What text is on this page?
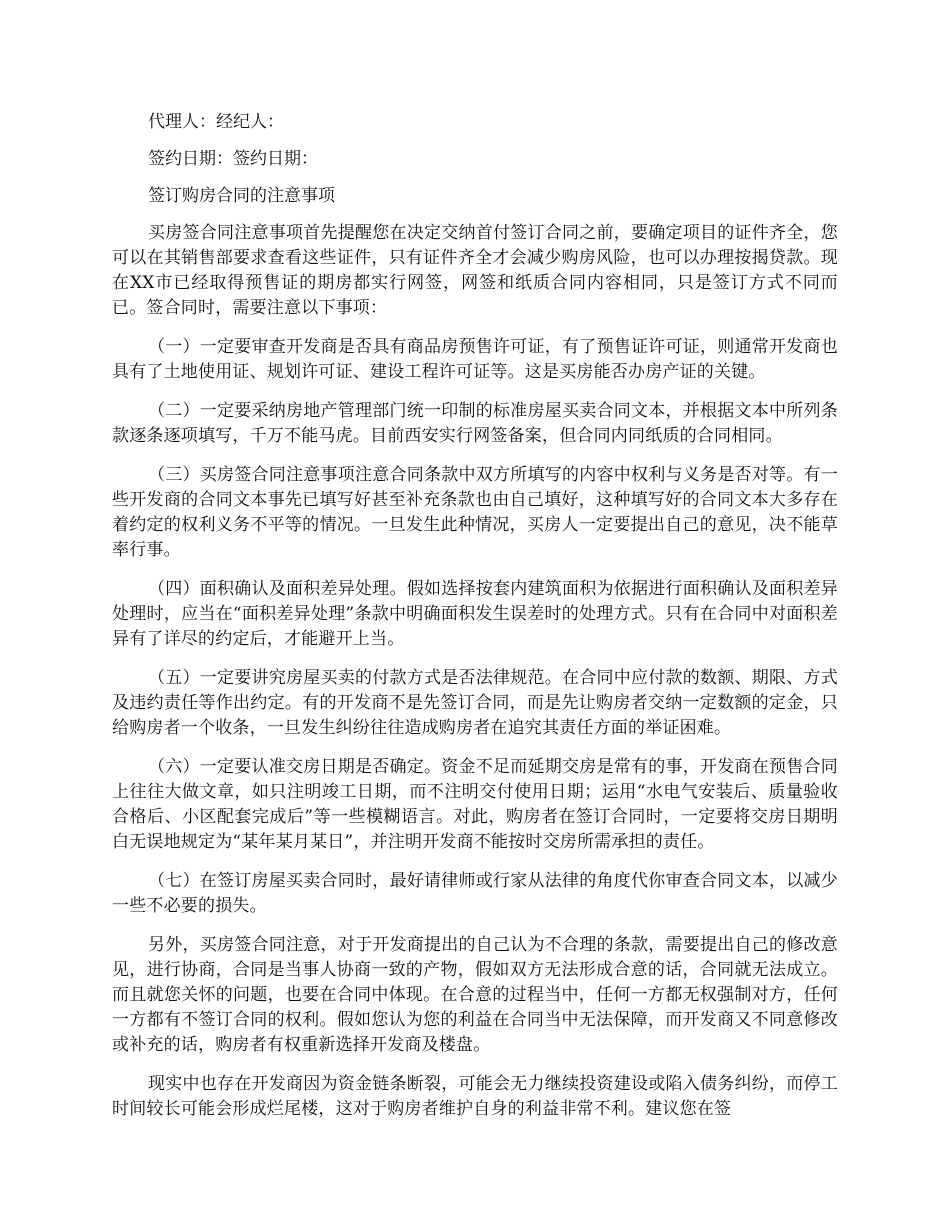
代理人：经纪人：

签约日期：签约日期：

签订购房合同的注意事项

买房签合同注意事项首先提醒您在决定交纳首付签订合同之前，要确定项目的证件齐全，您可以在其销售部要求查看这些证件，只有证件齐全才会减少购房风险，也可以办理按揭贷款。现在XX市已经取得预售证的期房都实行网签，网签和纸质合同内容相同，只是签订方式不同而已。签合同时，需要注意以下事项：

（一）一定要审查开发商是否具有商品房预售许可证，有了预售证许可证，则通常开发商也具有了土地使用证、规划许可证、建设工程许可证等。这是买房能否办房产证的关键。

（二）一定要采纳房地产管理部门统一印制的标准房屋买卖合同文本，并根据文本中所列条款逐条逐项填写，千万不能马虎。目前西安实行网签备案，但合同内同纸质的合同相同。

（三）买房签合同注意事项注意合同条款中双方所填写的内容中权利与义务是否对等。有一些开发商的合同文本事先已填写好甚至补充条款也由自己填好，这种填写好的合同文本大多存在着约定的权利义务不平等的情况。一旦发生此种情况，买房人一定要提出自己的意见，决不能草率行事。

（四）面积确认及面积差异处理。假如选择按套内建筑面积为依据进行面积确认及面积差异处理时，应当在“面积差异处理”条款中明确面积发生误差时的处理方式。只有在合同中对面积差异有了详尽的约定后，才能避开上当。

（五）一定要讲究房屋买卖的付款方式是否法律规范。在合同中应付款的数额、期限、方式及违约责任等作出约定。有的开发商不是先签订合同，而是先让购房者交纳一定数额的定金，只给购房者一个收条，一旦发生纠纷往往造成购房者在追究其责任方面的举证困难。

（六）一定要认准交房日期是否确定。资金不足而延期交房是常有的事，开发商在预售合同上往往大做文章，如只注明竣工日期，而不注明交付使用日期；运用“水电气安装后、质量验收合格后、小区配套完成后”等一些模糊语言。对此，购房者在签订合同时，一定要将交房日期明白无误地规定为“某年某月某日”，并注明开发商不能按时交房所需承担的责任。

（七）在签订房屋买卖合同时，最好请律师或行家从法律的角度代你审查合同文本，以减少一些不必要的损失。

另外，买房签合同注意，对于开发商提出的自己认为不合理的条款，需要提出自己的修改意见，进行协商，合同是当事人协商一致的产物，假如双方无法形成合意的话，合同就无法成立。而且就您关怀的问题，也要在合同中体现。在合意的过程当中，任何一方都无权强制对方，任何一方都有不签订合同的权利。假如您认为您的利益在合同当中无法保障，而开发商又不同意修改或补充的话，购房者有权重新选择开发商及楼盘。

现实中也存在开发商因为资金链条断裂，可能会无力继续投资建设或陷入债务纠纷，而停工时间较长可能会形成烂尾楼，这对于购房者维护自身的利益非常不利。建议您在签
